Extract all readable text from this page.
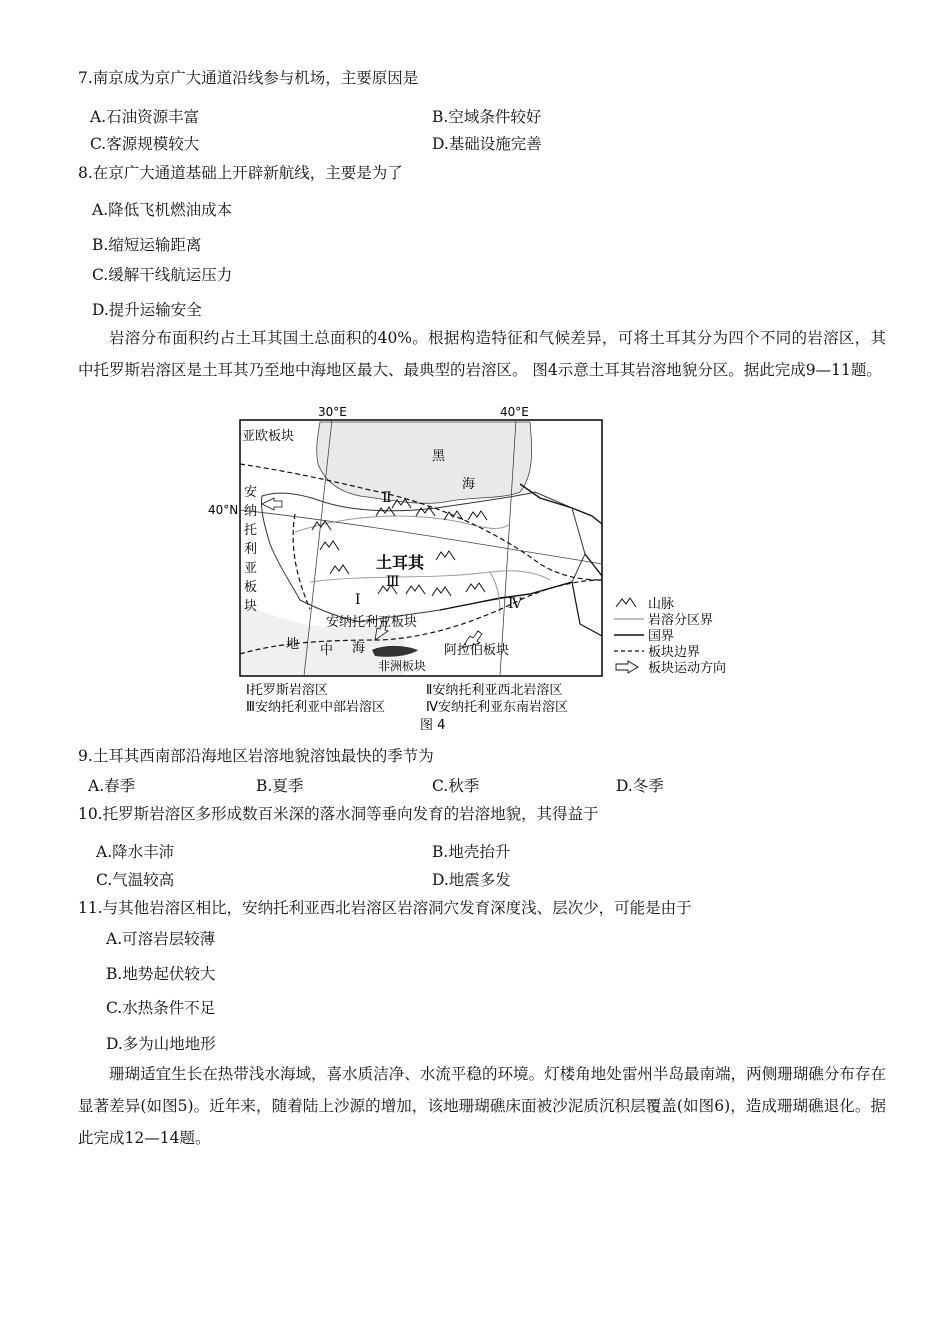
7.南京成为京广大通道沿线参与机场，主要原因是
A.石油资源丰富	B.空域条件较好
C.客源规模较大	D.基础设施完善
8.在京广大通道基础上开辟新航线，主要是为了
A.降低飞机燃油成本
B.缩短运输距离
C.缓解干线航运压力
D.提升运输安全
岩溶分布面积约占土耳其国土总面积的40%。根据构造特征和气候差异，可将土耳其分为四个不同的岩溶区，其中托罗斯岩溶区是土耳其乃至地中海地区最大、最典型的岩溶区。 图4示意土耳其岩溶地貌分区。据此完成9—11题。
30°E	40°E
40°N
亚欧板块
安
纳
托
利
亚
板
块
黑
海
Ⅱ
土耳其
Ⅲ
Ⅰ	Ⅳ
安纳托利亚板块
地 中 海
非洲板块
阿拉伯板块
山脉
岩溶分区界
国界
板块边界
板块运动方向
Ⅰ托罗斯岩溶区	Ⅱ安纳托利亚西北岩溶区
Ⅲ安纳托利亚中部岩溶区	Ⅳ安纳托利亚东南岩溶区
图 4
9.土耳其西南部沿海地区岩溶地貌溶蚀最快的季节为
A.春季	B.夏季	C.秋季	D.冬季
10.托罗斯岩溶区多形成数百米深的落水洞等垂向发育的岩溶地貌，其得益于
A.降水丰沛	B.地壳抬升
C.气温较高	D.地震多发
11.与其他岩溶区相比，安纳托利亚西北岩溶区岩溶洞穴发育深度浅、层次少，可能是由于
A.可溶岩层较薄
B.地势起伏较大
C.水热条件不足
D.多为山地地形
珊瑚适宜生长在热带浅水海域，喜水质洁净、水流平稳的环境。灯楼角地处雷州半岛最南端，两侧珊瑚礁分布存在显著差异(如图5)。近年来，随着陆上沙源的增加，该地珊瑚礁床面被沙泥质沉积层覆盖(如图6)，造成珊瑚礁退化。据此完成12—14题。
